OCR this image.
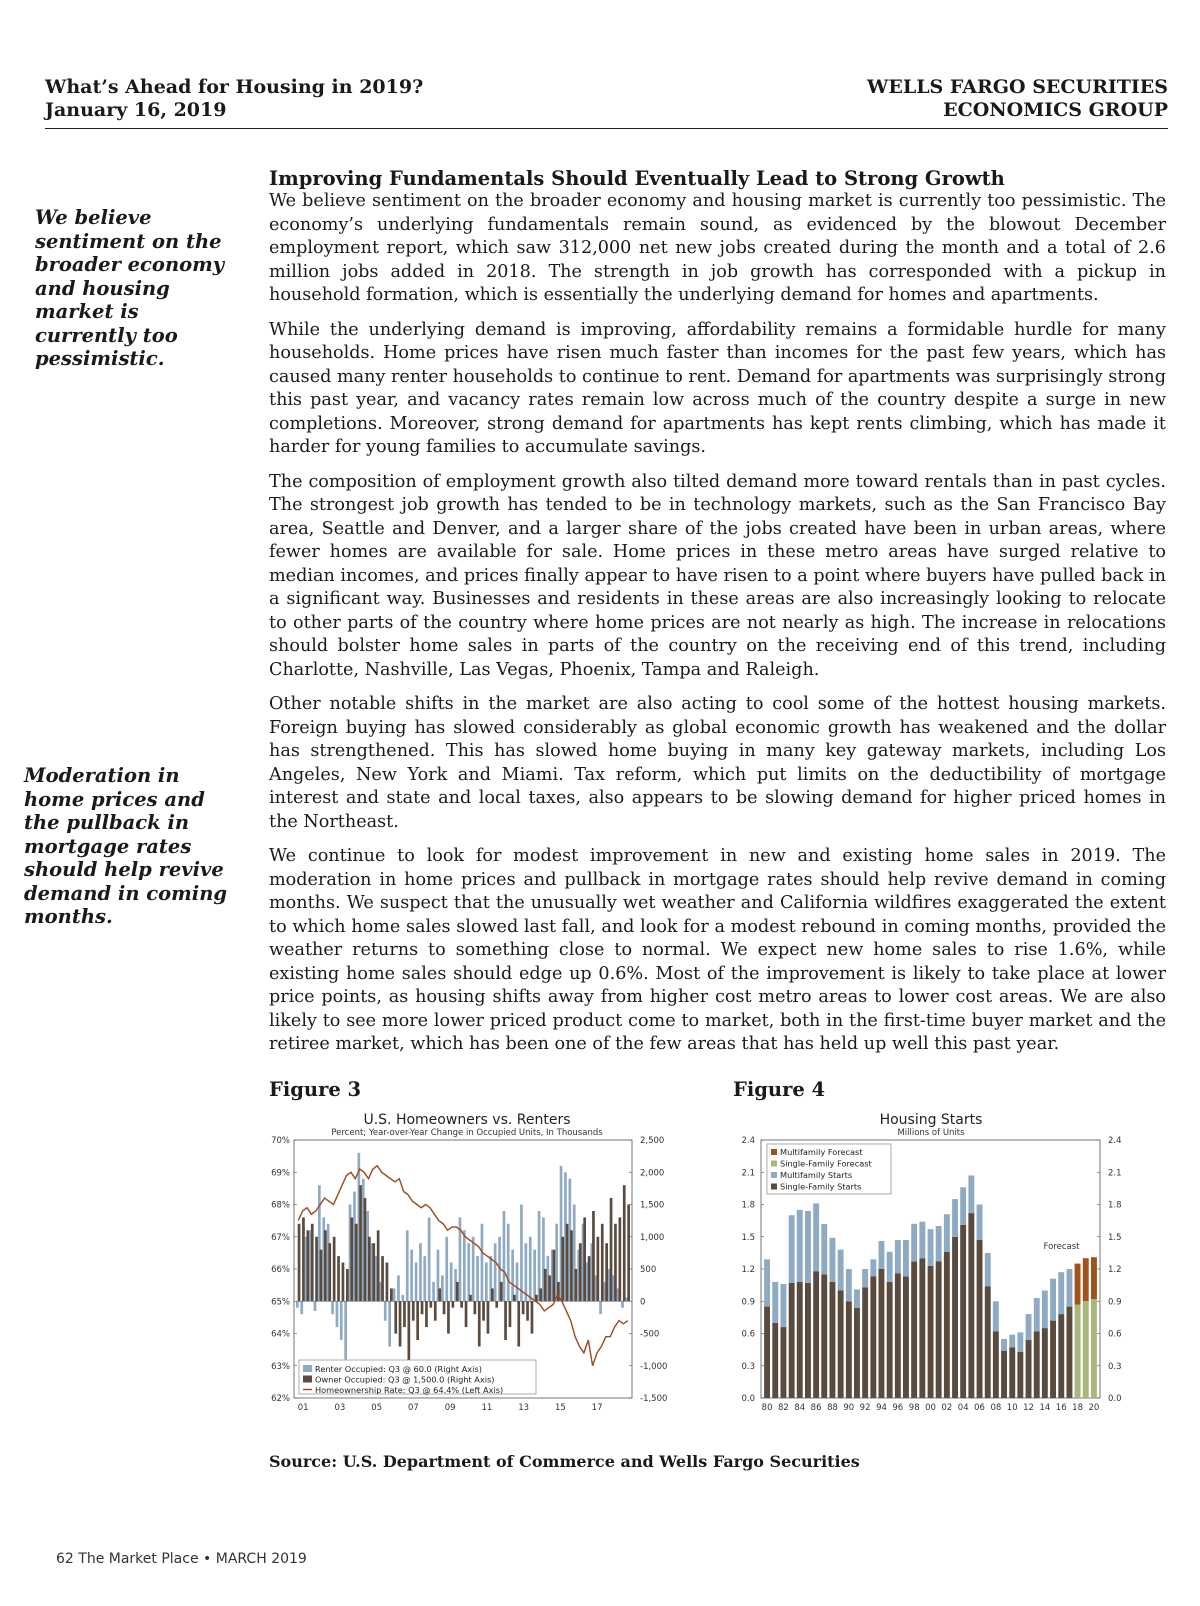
What’s Ahead for Housing in 2019?
January 16, 2019
WELLS FARGO SECURITIES
ECONOMICS GROUP
We believe sentiment on the broader economy and housing market is currently too pessimistic.
Moderation in home prices and the pullback in mortgage rates should help revive demand in coming months.
Improving Fundamentals Should Eventually Lead to Strong Growth

We believe sentiment on the broader economy and housing market is currently too pessimistic. The economy’s underlying fundamentals remain sound, as evidenced by the blowout December employment report, which saw 312,000 net new jobs created during the month and a total of 2.6 million jobs added in 2018. The strength in job growth has corresponded with a pickup in household formation, which is essentially the underlying demand for homes and apartments.

While the underlying demand is improving, affordability remains a formidable hurdle for many households. Home prices have risen much faster than incomes for the past few years, which has caused many renter households to continue to rent. Demand for apartments was surprisingly strong this past year, and vacancy rates remain low across much of the country despite a surge in new completions. Moreover, strong demand for apartments has kept rents climbing, which has made it harder for young families to accumulate savings.

The composition of employment growth also tilted demand more toward rentals than in past cycles. The strongest job growth has tended to be in technology markets, such as the San Francisco Bay area, Seattle and Denver, and a larger share of the jobs created have been in urban areas, where fewer homes are available for sale. Home prices in these metro areas have surged relative to median incomes, and prices finally appear to have risen to a point where buyers have pulled back in a significant way. Businesses and residents in these areas are also increasingly looking to relocate to other parts of the country where home prices are not nearly as high. The increase in relocations should bolster home sales in parts of the country on the receiving end of this trend, including Charlotte, Nashville, Las Vegas, Phoenix, Tampa and Raleigh.

Other notable shifts in the market are also acting to cool some of the hottest housing markets. Foreign buying has slowed considerably as global economic growth has weakened and the dollar has strengthened. This has slowed home buying in many key gateway markets, including Los Angeles, New York and Miami. Tax reform, which put limits on the deductibility of mortgage interest and state and local taxes, also appears to be slowing demand for higher priced homes in the Northeast.

We continue to look for modest improvement in new and existing home sales in 2019. The moderation in home prices and pullback in mortgage rates should help revive demand in coming months. We suspect that the unusually wet weather and California wildfires exaggerated the extent to which home sales slowed last fall, and look for a modest rebound in coming months, provided the weather returns to something close to normal. We expect new home sales to rise 1.6%, while existing home sales should edge up 0.6%. Most of the improvement is likely to take place at lower price points, as housing shifts away from higher cost metro areas to lower cost areas. We are also likely to see more lower priced product come to market, both in the first-time buyer market and the retiree market, which has been one of the few areas that has held up well this past year.

Figure 3	Figure 4
U.S. Homeowners vs. Renters
Percent; Year-over-Year Change in Occupied Units, In Thousands
62%
63%
64%
65%
66%
67%
68%
69%
70%
-1,500
-1,000
-500
0
500
1,000
1,500
2,000
2,500
01	03	05	07	09	11	13	15	17
Renter Occupied: Q3 @ 60.0 (Right Axis)
Owner Occupied: Q3 @ 1,500.0 (Right Axis)
Homeownership Rate: Q3 @ 64.4% (Left Axis)
Housing Starts
Millions of Units
0.0	0.0
0.3	0.3
0.6	0.6
0.9	0.9
1.2	1.2
1.5	1.5
1.8	1.8
2.1	2.1
2.4	2.4
80 82 84 86 88 90 92 94 96 98 00 02 04 06 08 10 12 14 16 18 20
Forecast
Multifamily Forecast
Single-Family Forecast
Multifamily Starts
Single-Family Starts
Source: U.S. Department of Commerce and Wells Fargo Securities
62 The Market Place • MARCH 2019
